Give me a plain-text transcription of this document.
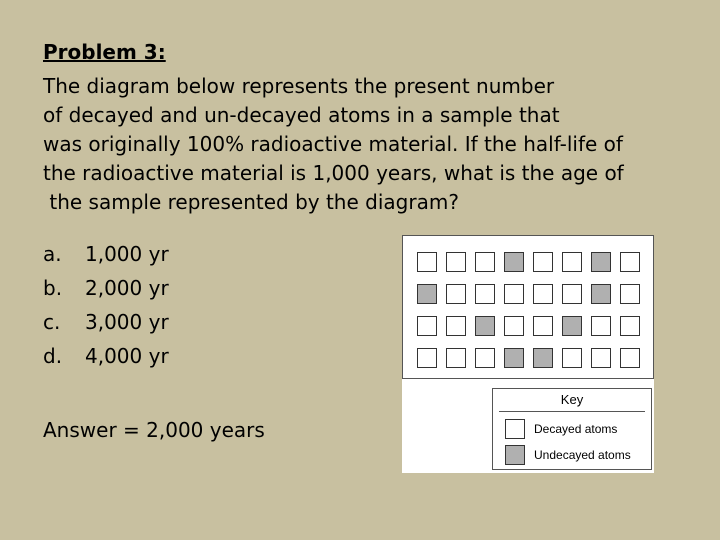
Problem 3:
The diagram below represents the present number
of decayed and un-decayed atoms in a sample that
was originally 100% radioactive material. If the half-life of
the radioactive material is 1,000 years, what is the age of
the sample represented by the diagram?
a. 1,000 yr
b. 2,000 yr
c. 3,000 yr
d. 4,000 yr
Answer = 2,000 years
Key
Decayed atoms
Undecayed atoms
